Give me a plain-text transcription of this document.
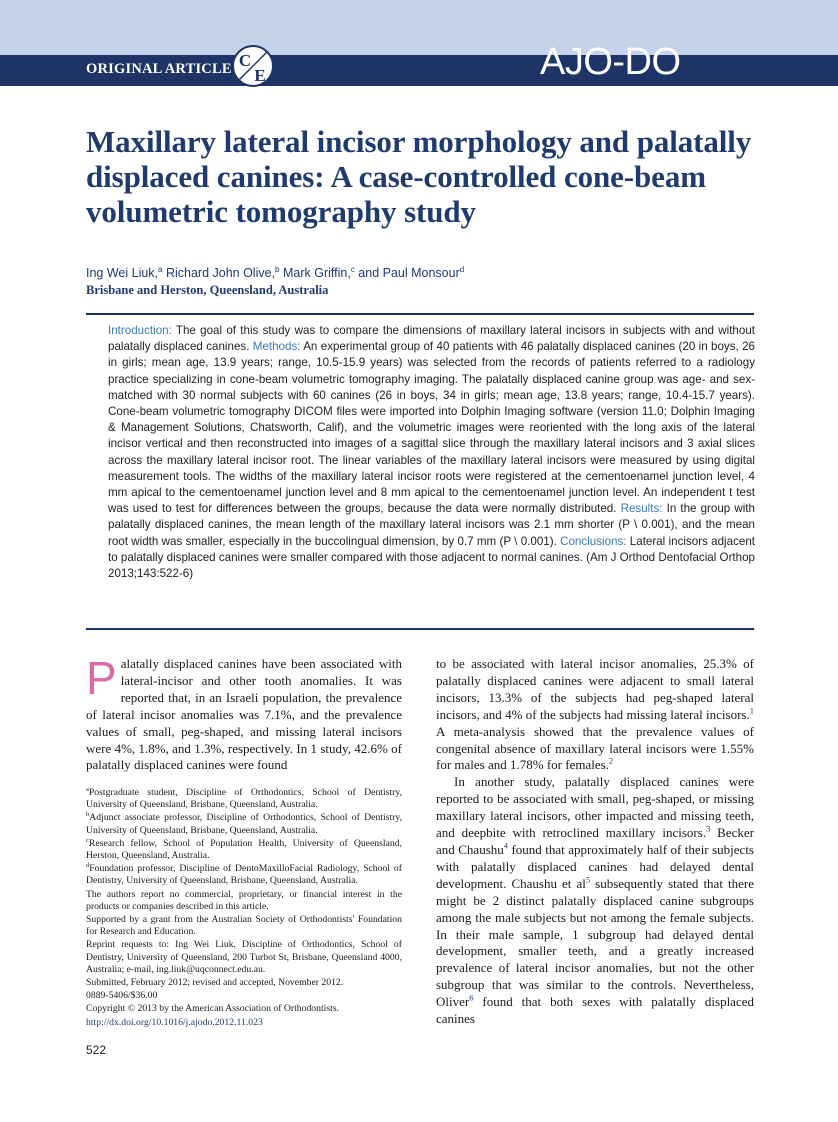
ORIGINAL ARTICLE C
E	AJO-DO
Maxillary lateral incisor morphology and palatally displaced canines: A case-controlled cone-beam volumetric tomography study
Ing Wei Liuk,$^a$ Richard John Olive,$^b$ Mark Griffin,$^c$ and Paul Monsour$^d$
Brisbane and Herston, Queensland, Australia
Introduction: The goal of this study was to compare the dimensions of maxillary lateral incisors in subjects with and without palatally displaced canines. Methods: An experimental group of 40 patients with 46 palatally displaced canines (20 in boys, 26 in girls; mean age, 13.9 years; range, 10.5-15.9 years) was selected from the records of patients referred to a radiology practice specializing in cone-beam volumetric tomography imaging. The palatally displaced canine group was age- and sex-matched with 30 normal subjects with 60 canines (26 in boys, 34 in girls; mean age, 13.8 years; range, 10.4-15.7 years). Cone-beam volumetric tomography DICOM files were imported into Dolphin Imaging software (version 11.0; Dolphin Imaging & Management Solutions, Chatsworth, Calif), and the volumetric images were reoriented with the long axis of the lateral incisor vertical and then reconstructed into images of a sagittal slice through the maxillary lateral incisors and 3 axial slices across the maxillary lateral incisor root. The linear variables of the maxillary lateral incisors were measured by using digital measurement tools. The widths of the maxillary lateral incisor roots were registered at the cementoenamel junction level, 4 mm apical to the cementoenamel junction level and 8 mm apical to the cementoenamel junction level. An independent t test was used to test for differences between the groups, because the data were normally distributed. Results: In the group with palatally displaced canines, the mean length of the maxillary lateral incisors was 2.1 mm shorter (P \ 0.001), and the mean root width was smaller, especially in the buccolingual dimension, by 0.7 mm (P \ 0.001). Conclusions: Lateral incisors adjacent to palatally displaced canines were smaller compared with those adjacent to normal canines. (Am J Orthod Dentofacial Orthop 2013;143:522-6)

Palatally displaced canines have been associated with lateral-incisor and other tooth anomalies. It was reported that, in an Israeli population, the prevalence of lateral incisor anomalies was 7.1%, and the prevalence values of small, peg-shaped, and missing lateral incisors were 4%, 1.8%, and 1.3%, respectively. In 1 study, 42.6% of palatally displaced canines were found

$^a$Postgraduate student, Discipline of Orthodontics, School of Dentistry, University of Queensland, Brisbane, Queensland, Australia.
$^b$Adjunct associate professor, Discipline of Orthodontics, School of Dentistry, University of Queensland, Brisbane, Queensland, Australia.
$^c$Research fellow, School of Population Health, University of Queensland, Herston, Queensland, Australia.
$^d$Foundation professor, Discipline of DentoMaxilloFacial Radiology, School of Dentistry, University of Queensland, Brisbane, Queensland, Australia.
The authors report no commercial, proprietary, or financial interest in the products or companies described in this article.
Supported by a grant from the Australian Society of Orthodontists' Foundation for Research and Education.
Reprint requests to: Ing Wei Liuk, Discipline of Orthodontics, School of Dentistry, University of Queensland, 200 Turbot St, Brisbane, Queensland 4000, Australia; e-mail, ing.liuk@uqconnect.edu.au.
Submitted, February 2012; revised and accepted, November 2012.
0889-5406/$36.00
Copyright © 2013 by the American Association of Orthodontists.
http://dx.doi.org/10.1016/j.ajodo.2012.11.023
522

to be associated with lateral incisor anomalies, 25.3% of palatally displaced canines were adjacent to small lateral incisors, 13.3% of the subjects had peg-shaped lateral incisors, and 4% of the subjects had missing lateral incisors.$^1$ A meta-analysis showed that the prevalence values of congenital absence of maxillary lateral incisors were 1.55% for males and 1.78% for females.$^2$

In another study, palatally displaced canines were reported to be associated with small, peg-shaped, or missing maxillary lateral incisors, other impacted and missing teeth, and deepbite with retroclined maxillary incisors.$^3$ Becker and Chaushu$^4$ found that approximately half of their subjects with palatally displaced canines had delayed dental development. Chaushu et $al^5$ subsequently stated that there might be 2 distinct palatally displaced canine subgroups among the male subjects but not among the female subjects. In their male sample, 1 subgroup had delayed dental development, smaller teeth, and a greatly increased prevalence of lateral incisor anomalies, but not the other subgroup that was similar to the controls. Nevertheless, Oliver$^6$ found that both sexes with palatally displaced canines
